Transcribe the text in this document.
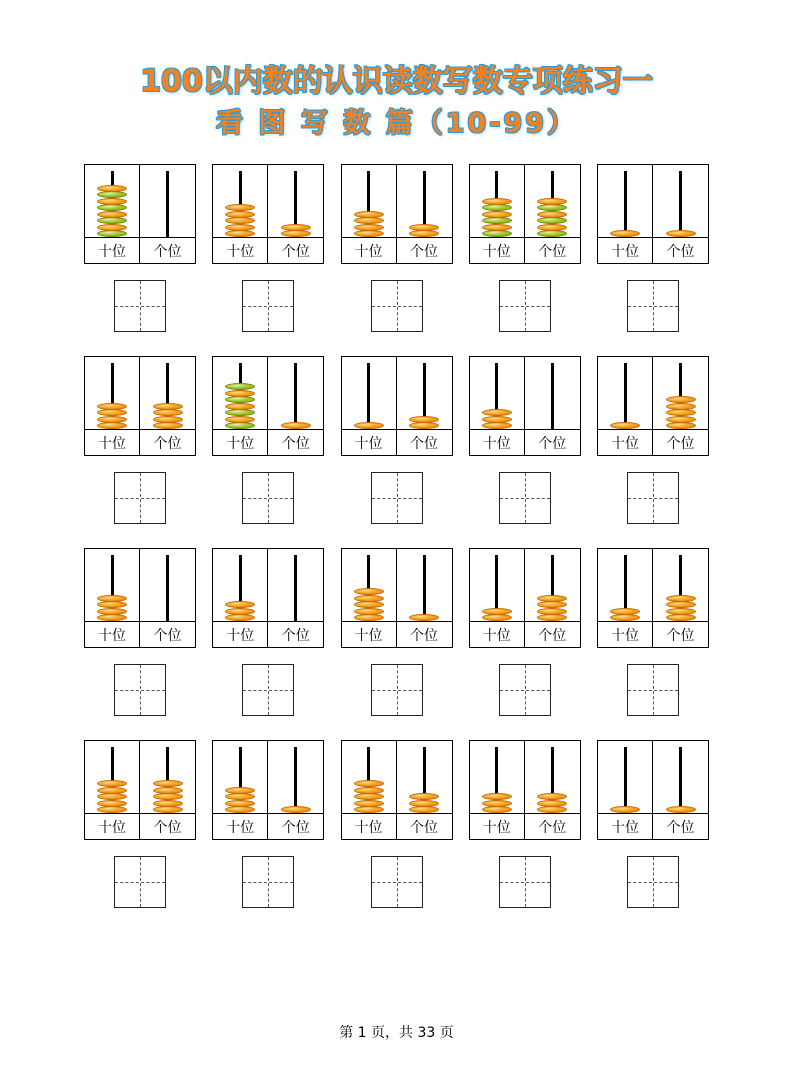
100以内数的认识读数写数专项练习一
看 图 写 数 篇（10-99）
十位	个位	十位	个位	十位	个位	十位	个位	十位	个位
十位	个位	十位	个位	十位	个位	十位	个位	十位	个位
十位	个位	十位	个位	十位	个位	十位	个位	十位	个位
十位	个位	十位	个位	十位	个位	十位	个位	十位	个位
第 1 页，共 33 页
